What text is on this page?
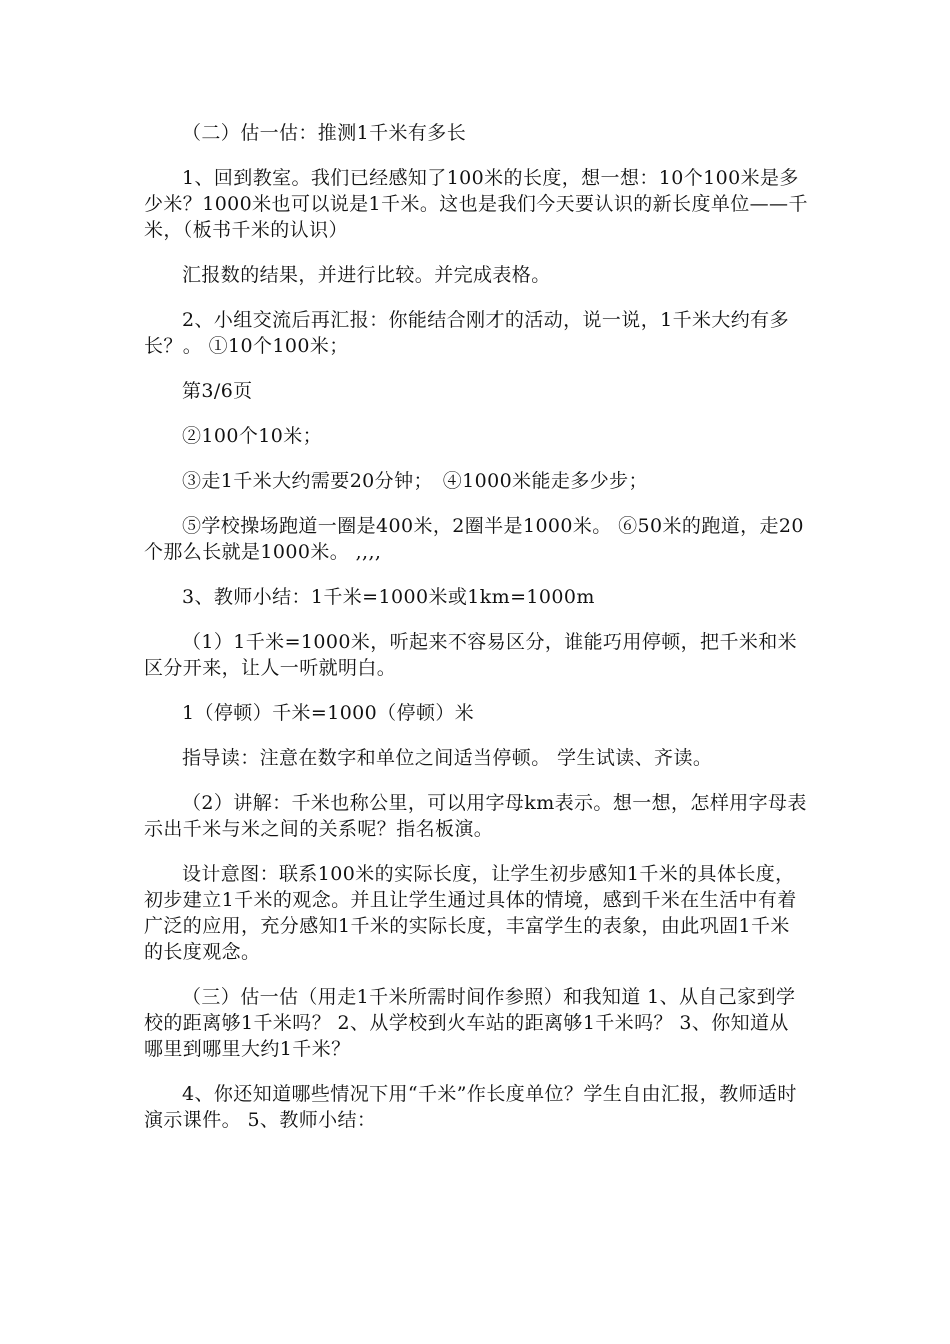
（二）估一估：推测1千米有多长

1、回到教室。我们已经感知了100米的长度，想一想：10个100米是多少米？1000米也可以说是1千米。这也是我们今天要认识的新长度单位——千米，（板书千米的认识）

汇报数的结果，并进行比较。并完成表格。

2、小组交流后再汇报：你能结合刚才的活动，说一说，1千米大约有多长？。 ①10个100米；

第3/6页

②100个10米；

③走1千米大约需要20分钟；　④1000米能走多少步；

⑤学校操场跑道一圈是400米，2圈半是1000米。 ⑥50米的跑道，走20个那么长就是1000米。 ,,,,

3、教师小结：1千米=1000米或1km=1000m

（1）1千米=1000米，听起来不容易区分，谁能巧用停顿，把千米和米区分开来，让人一听就明白。

1（停顿）千米=1000（停顿）米

指导读：注意在数字和单位之间适当停顿。 学生试读、齐读。

（2）讲解：千米也称公里，可以用字母km表示。想一想，怎样用字母表示出千米与米之间的关系呢？指名板演。

设计意图：联系100米的实际长度，让学生初步感知1千米的具体长度，初步建立1千米的观念。并且让学生通过具体的情境，感到千米在生活中有着广泛的应用，充分感知1千米的实际长度，丰富学生的表象，由此巩固1千米的长度观念。

（三）估一估（用走1千米所需时间作参照）和我知道 1、从自己家到学校的距离够1千米吗？ 2、从学校到火车站的距离够1千米吗？ 3、你知道从哪里到哪里大约1千米？

4、你还知道哪些情况下用“千米”作长度单位？学生自由汇报，教师适时演示课件。 5、教师小结：
